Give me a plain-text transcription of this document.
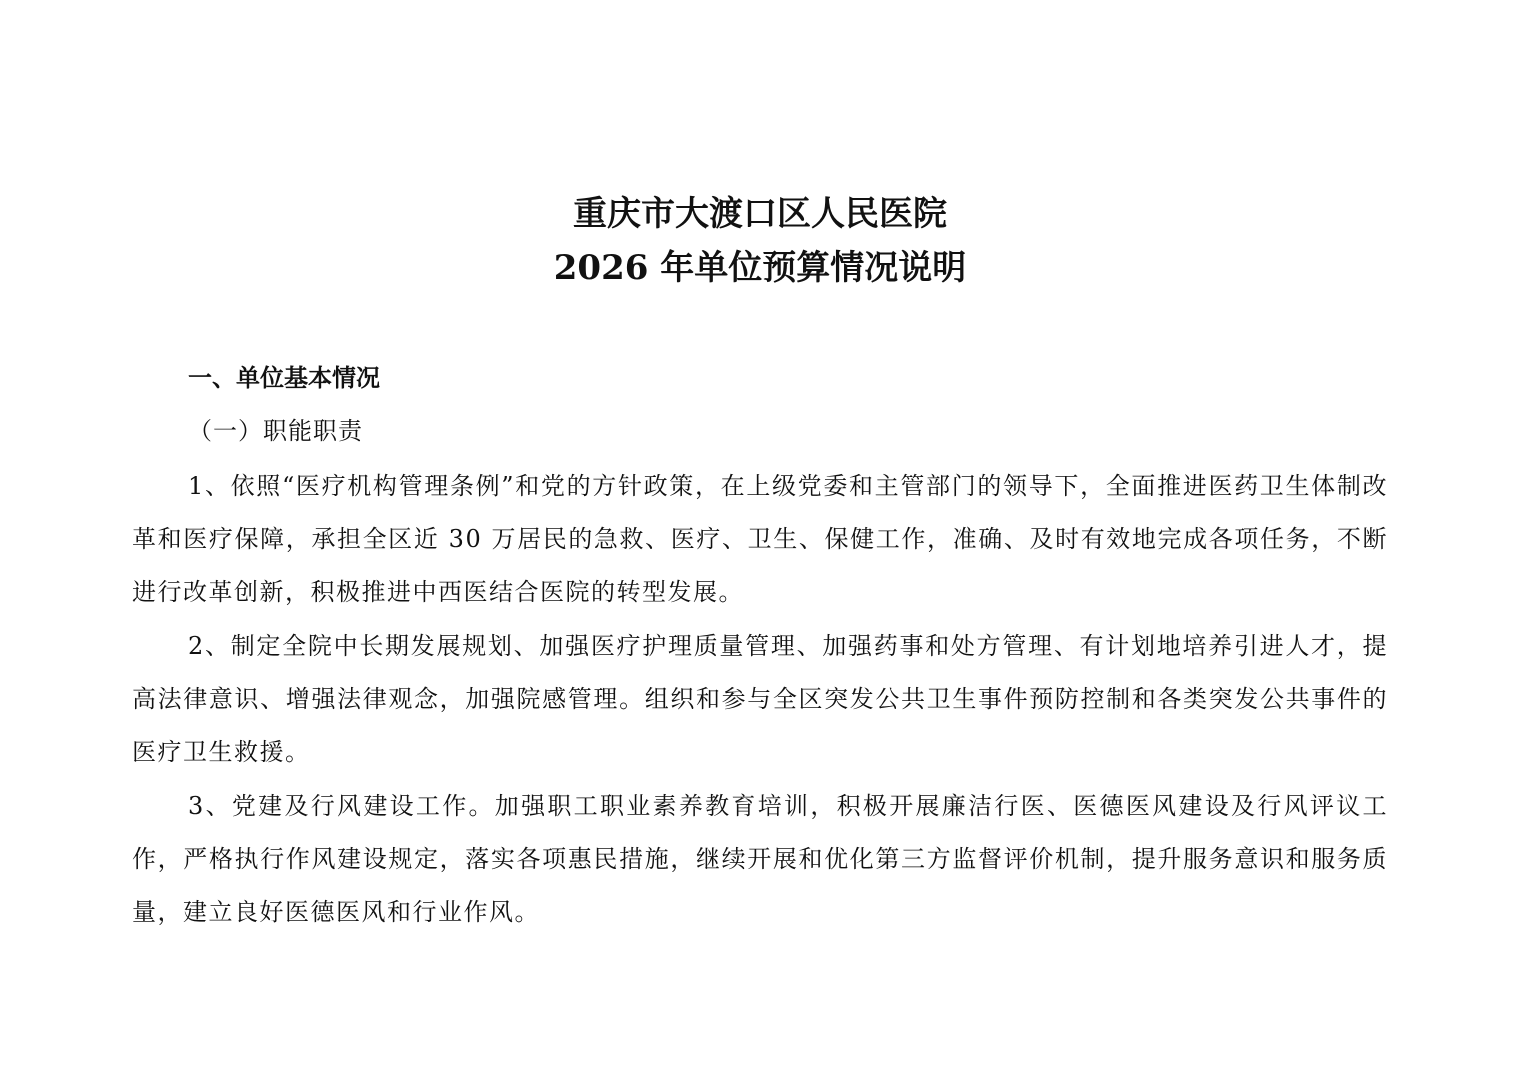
重庆市大渡口区人民医院
2026 年单位预算情况说明
一、单位基本情况
（一）职能职责

1、依照“医疗机构管理条例”和党的方针政策，在上级党委和主管部门的领导下，全面推进医药卫生体制改革和医疗保障，承担全区近 30 万居民的急救、医疗、卫生、保健工作，准确、及时有效地完成各项任务，不断进行改革创新，积极推进中西医结合医院的转型发展。

2、制定全院中长期发展规划、加强医疗护理质量管理、加强药事和处方管理、有计划地培养引进人才，提高法律意识、增强法律观念，加强院感管理。组织和参与全区突发公共卫生事件预防控制和各类突发公共事件的医疗卫生救援。

3、党建及行风建设工作。加强职工职业素养教育培训，积极开展廉洁行医、医德医风建设及行风评议工作，严格执行作风建设规定，落实各项惠民措施，继续开展和优化第三方监督评价机制，提升服务意识和服务质量，建立良好医德医风和行业作风。
